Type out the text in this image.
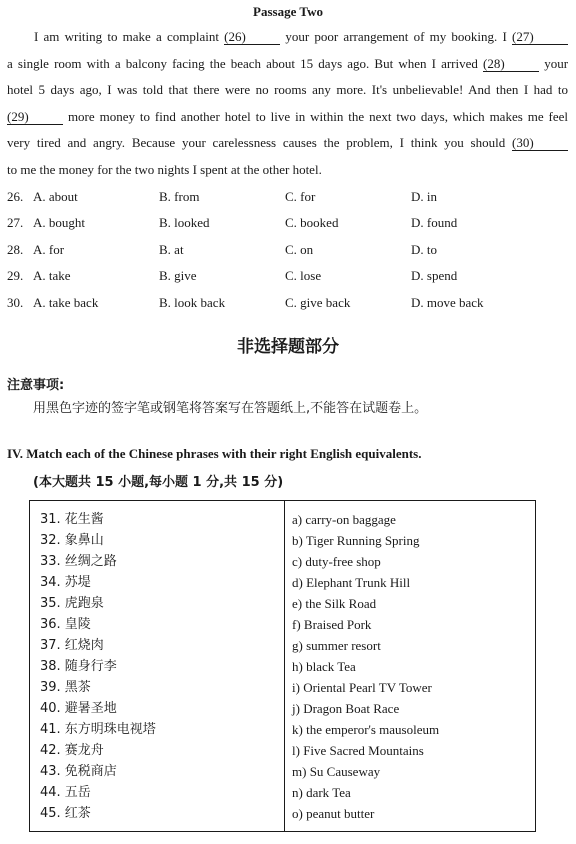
Passage Two
I am writing to make a complaint (26)	your poor arrangement of my booking. I (27)
a single room with a balcony facing the beach about 15 days ago. But when I arrived (28)	your
hotel 5 days ago, I was told that there were no rooms any more. It's unbelievable! And then I had to
(29)	more money to find another hotel to live in within the next two days, which makes me feel
very tired and angry. Because your carelessness causes the problem, I think you should (30)
to me the money for the two nights I spent at the other hotel.
26. A. about	B. from	C. for	D. in
27. A. bought	B. looked	C. booked	D. found
28. A. for	B. at	C. on	D. to
29. A. take	B. give	C. lose	D. spend
30. A. take back	B. look back	C. give back	D. move back
非选择题部分
注意事项:
用黑色字迹的签字笔或钢笔将答案写在答题纸上,不能答在试题卷上。
IV. Match each of the Chinese phrases with their right English equivalents.
(本大题共 15 小题,每小题 1 分,共 15 分)
31. 花生酱
32. 象鼻山
33. 丝绸之路
34. 苏堤
35. 虎跑泉
36. 皇陵
37. 红烧肉
38. 随身行李
39. 黑茶
40. 避暑圣地
41. 东方明珠电视塔
42. 赛龙舟
43. 免税商店
44. 五岳
45. 红茶
a) carry-on baggage
b) Tiger Running Spring
c) duty-free shop
d) Elephant Trunk Hill
e) the Silk Road
f) Braised Pork
g) summer resort
h) black Tea
i) Oriental Pearl TV Tower
j) Dragon Boat Race
k) the emperor's mausoleum
l) Five Sacred Mountains
m) Su Causeway
n) dark Tea
o) peanut butter
